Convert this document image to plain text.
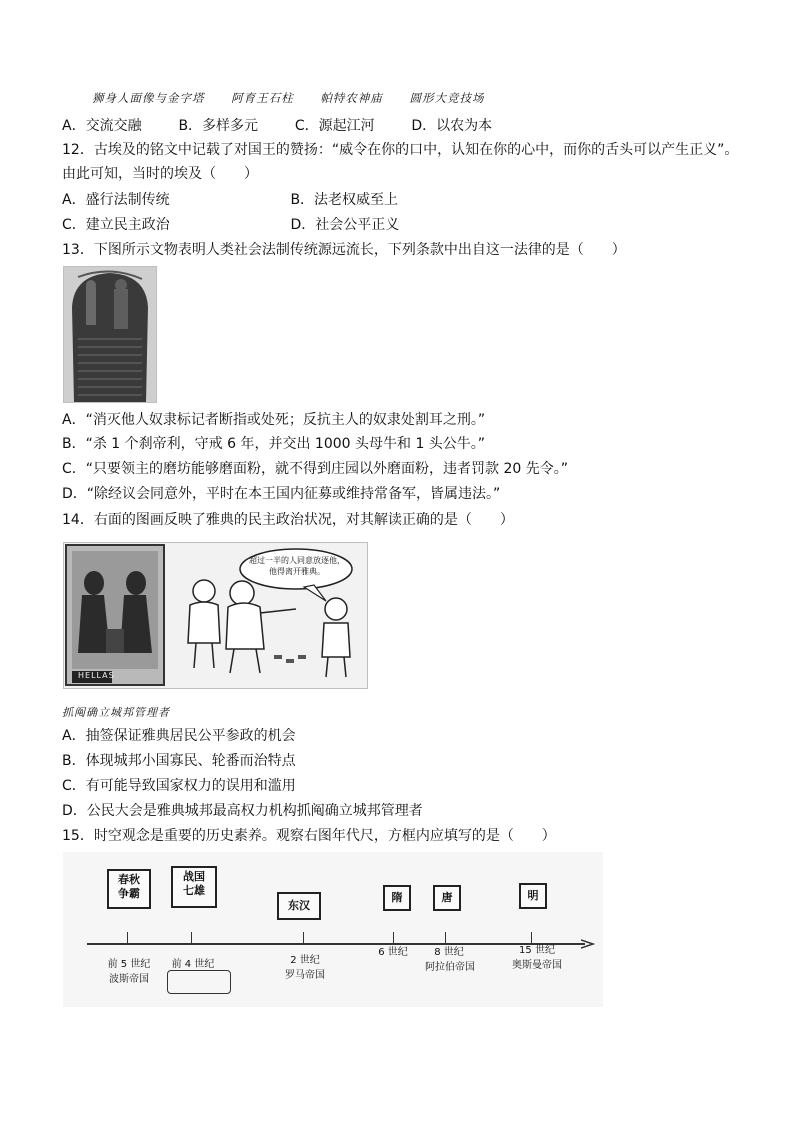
狮身人面像与金字塔 阿育王石柱 帕特农神庙 圆形大竞技场
A．交流交融	B．多样多元	C．源起江河	D．以农为本
12．古埃及的铭文中记载了对国王的赞扬：“威令在你的口中，认知在你的心中，而你的舌头可以产生正义”。
由此可知，当时的埃及（　　）
A．盛行法制传统	B．法老权威至上
C．建立民主政治	D．社会公平正义
13．下图所示文物表明人类社会法制传统源远流长，下列条款中出自这一法律的是（　　）
A．“消灭他人奴隶标记者断指或处死；反抗主人的奴隶处割耳之刑。”
B．“杀 1 个刹帝利，守戒 6 年，并交出 1000 头母牛和 1 头公牛。”
C．“只要领主的磨坊能够磨面粉，就不得到庄园以外磨面粉，违者罚款 20 先令。”
D．“除经议会同意外，平时在本王国内征募或维持常备军，皆属违法。”
14．右面的图画反映了雅典的民主政治状况，对其解读正确的是（　　）
HELLAS
超过一半的人同意放逐他，他得离开雅典。
抓阄确立城邦管理者
A．抽签保证雅典居民公平参政的机会
B．体现城邦小国寡民、轮番而治特点
C．有可能导致国家权力的误用和滥用
D．公民大会是雅典城邦最高权力机构抓阄确立城邦管理者
15．时空观念是重要的历史素养。观察右图年代尺，方框内应填写的是（　　）
春秋
争霸
战国
七雄
东汉
隋	唐	明
前 5 世纪
波斯帝国
前 4 世纪	2 世纪
罗马帝国
6 世纪	8 世纪
阿拉伯帝国
15 世纪
奥斯曼帝国
